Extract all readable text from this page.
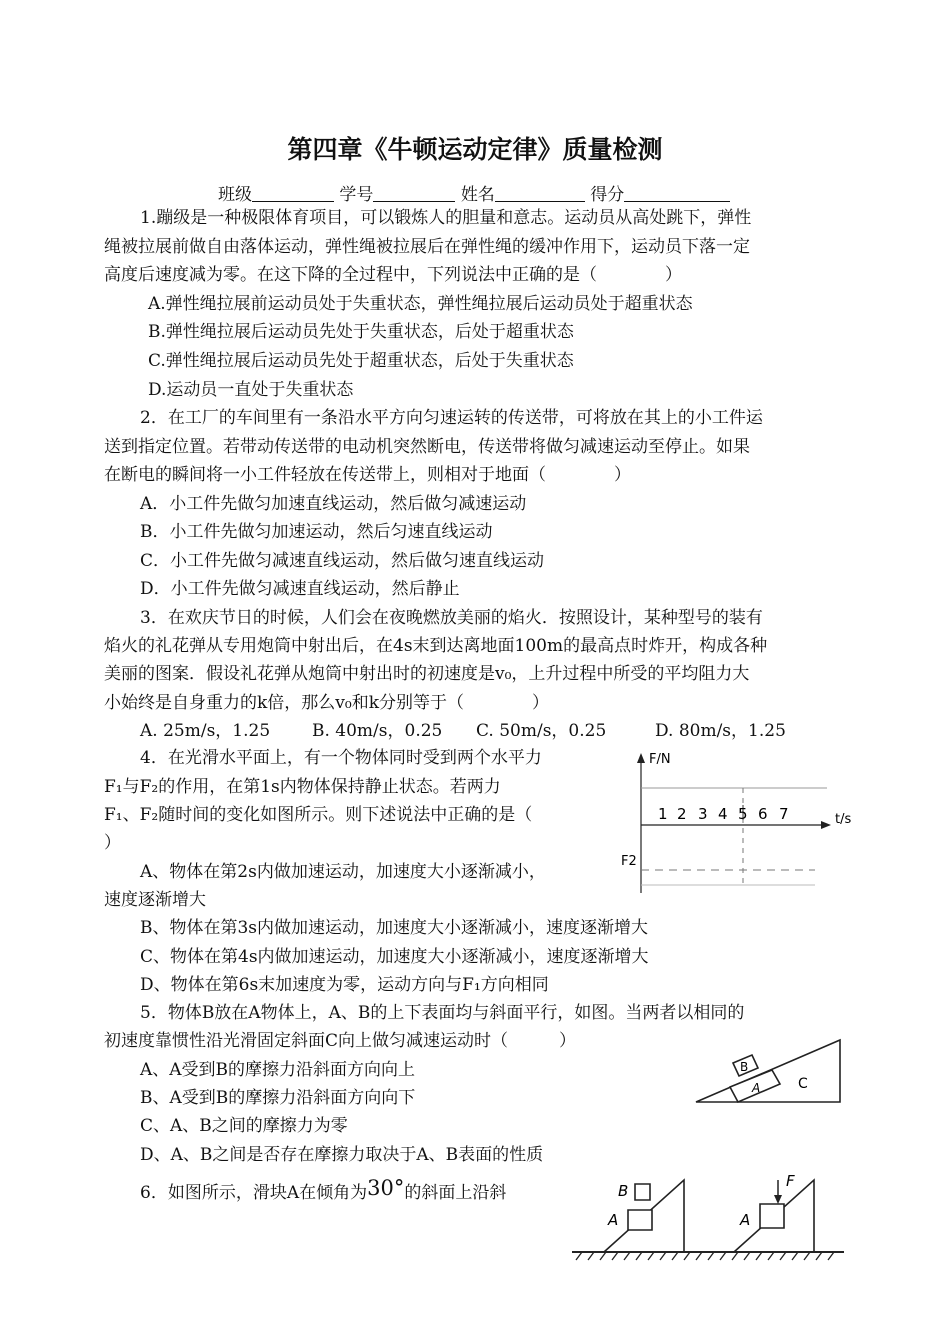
第四章《牛顿运动定律》质量检测
班级	学号	姓名	得分
1.蹦级是一种极限体育项目，可以锻炼人的胆量和意志。运动员从高处跳下，弹性
绳被拉展前做自由落体运动，弹性绳被拉展后在弹性绳的缓冲作用下，运动员下落一定
高度后速度减为零。在这下降的全过程中，下列说法中正确的是（　　　　）
A.弹性绳拉展前运动员处于失重状态，弹性绳拉展后运动员处于超重状态
B.弹性绳拉展后运动员先处于失重状态，后处于超重状态
C.弹性绳拉展后运动员先处于超重状态，后处于失重状态
D.运动员一直处于失重状态
2．在工厂的车间里有一条沿水平方向匀速运转的传送带，可将放在其上的小工件运
送到指定位置。若带动传送带的电动机突然断电，传送带将做匀减速运动至停止。如果
在断电的瞬间将一小工件轻放在传送带上，则相对于地面（　　　　）
A．小工件先做匀加速直线运动，然后做匀减速运动
B．小工件先做匀加速运动，然后匀速直线运动
C．小工件先做匀减速直线运动，然后做匀速直线运动
D．小工件先做匀减速直线运动，然后静止
3．在欢庆节日的时候，人们会在夜晚燃放美丽的焰火．按照设计，某种型号的装有
焰火的礼花弹从专用炮筒中射出后，在4s末到达离地面100m的最高点时炸开，构成各种
美丽的图案．假设礼花弹从炮筒中射出时的初速度是v₀，上升过程中所受的平均阻力大
小始终是自身重力的k倍，那么v₀和k分别等于（　　　　）
A. 25m/s，1.25 B. 40m/s，0.25 C. 50m/s，0.25	D. 80m/s，1.25
4．在光滑水平面上，有一个物体同时受到两个水平力
F₁与F₂的作用，在第1s内物体保持静止状态。若两力
F₁、F₂随时间的变化如图所示。则下述说法中正确的是（
）
A、物体在第2s内做加速运动，加速度大小逐渐减小，
速度逐渐增大
B、物体在第3s内做加速运动，加速度大小逐渐减小，速度逐渐增大
C、物体在第4s内做加速运动，加速度大小逐渐减小，速度逐渐增大
D、物体在第6s末加速度为零，运动方向与F₁方向相同
F/N
t/s
1 2 3 4 5 6 7
F2
5．物体B放在A物体上，A、B的上下表面均与斜面平行，如图。当两者以相同的
初速度靠惯性沿光滑固定斜面C向上做匀减速运动时（　　　）
A、A受到B的摩擦力沿斜面方向向上
B、A受到B的摩擦力沿斜面方向向下
C、A、B之间的摩擦力为零
D、A、B之间是否存在摩擦力取决于A、B表面的性质
A
B
C
6．如图所示，滑块A在倾角为30°的斜面上沿斜
A
B
A
F
